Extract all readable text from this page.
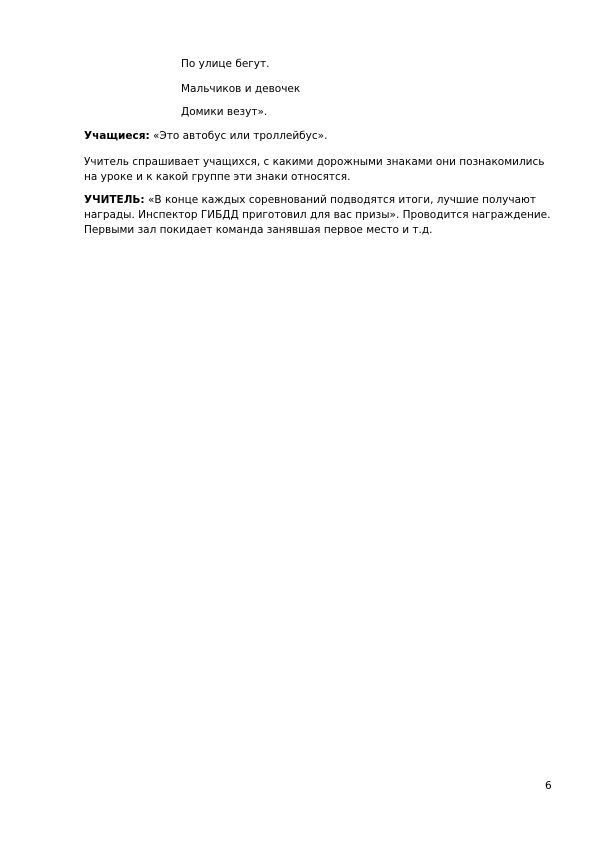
По улице бегут.
Мальчиков и девочек
Домики везут».

Учащиеся: «Это автобус или троллейбус».

Учитель спрашивает учащихся, с какими дорожными знаками они познакомились на уроке и к какой группе эти знаки относятся.

УЧИТЕЛЬ: «В конце каждых соревнований подводятся итоги, лучшие получают награды. Инспектор ГИБДД приготовил для вас призы». Проводится награждение. Первыми зал покидает команда занявшая первое место и т.д.

6
